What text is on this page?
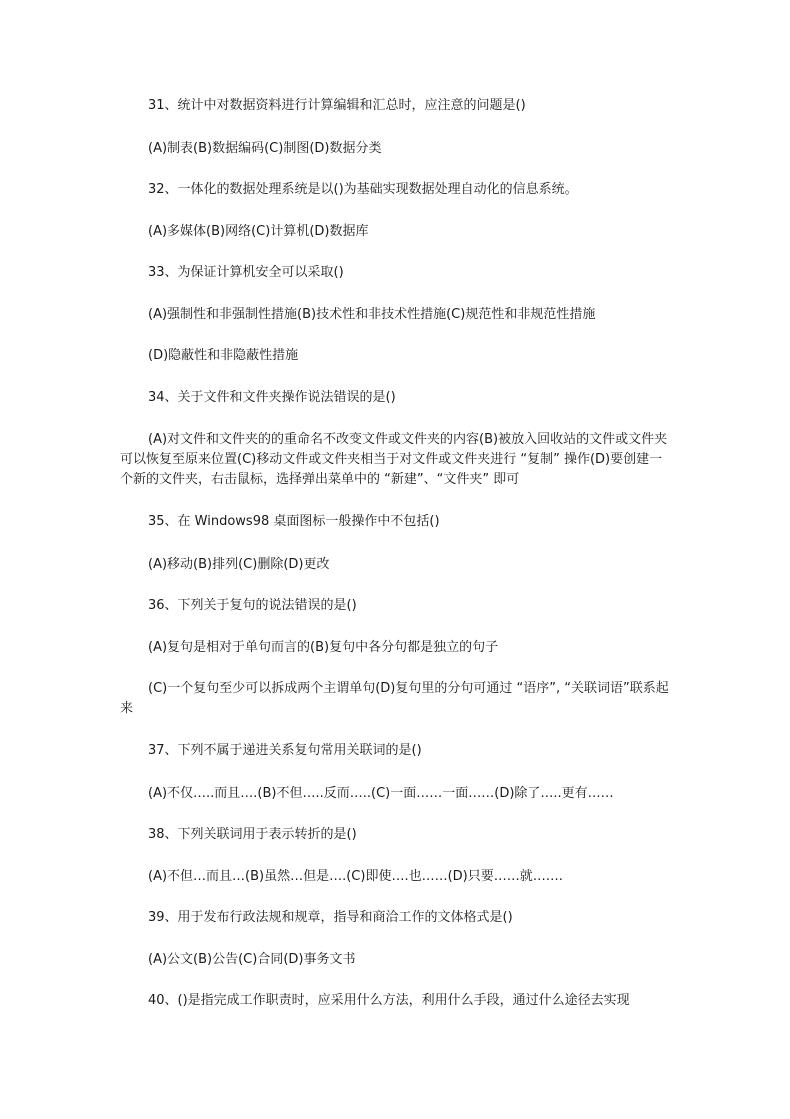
31、统计中对数据资料进行计算编辑和汇总时，应注意的问题是()
(A)制表(B)数据编码(C)制图(D)数据分类
32、一体化的数据处理系统是以()为基础实现数据处理自动化的信息系统。
(A)多媒体(B)网络(C)计算机(D)数据库
33、为保证计算机安全可以采取()
(A)强制性和非强制性措施(B)技术性和非技术性措施(C)规范性和非规范性措施
(D)隐蔽性和非隐蔽性措施
34、关于文件和文件夹操作说法错误的是()
(A)对文件和文件夹的的重命名不改变文件或文件夹的内容(B)被放入回收站的文件或文件夹可以恢复至原来位置(C)移动文件或文件夹相当于对文件或文件夹进行 “复制” 操作(D)要创建一个新的文件夹，右击鼠标，选择弹出菜单中的 “新建”、“文件夹” 即可
35、在 Windows98 桌面图标一般操作中不包括()
(A)移动(B)排列(C)删除(D)更改
36、下列关于复句的说法错误的是()
(A)复句是相对于单句而言的(B)复句中各分句都是独立的句子
(C)一个复句至少可以拆成两个主谓单句(D)复句里的分句可通过 “语序”, “关联词语”联系起来
37、下列不属于递进关系复句常用关联词的是()
(A)不仅…..而且….(B)不但…..反而…..(C)一面……一面……(D)除了…..更有……
38、下列关联词用于表示转折的是()
(A)不但…而且…(B)虽然…但是….(C)即使….也……(D)只要……就…….
39、用于发布行政法规和规章，指导和商洽工作的文体格式是()
(A)公文(B)公告(C)合同(D)事务文书
40、()是指完成工作职责时，应采用什么方法，利用什么手段，通过什么途径去实现
